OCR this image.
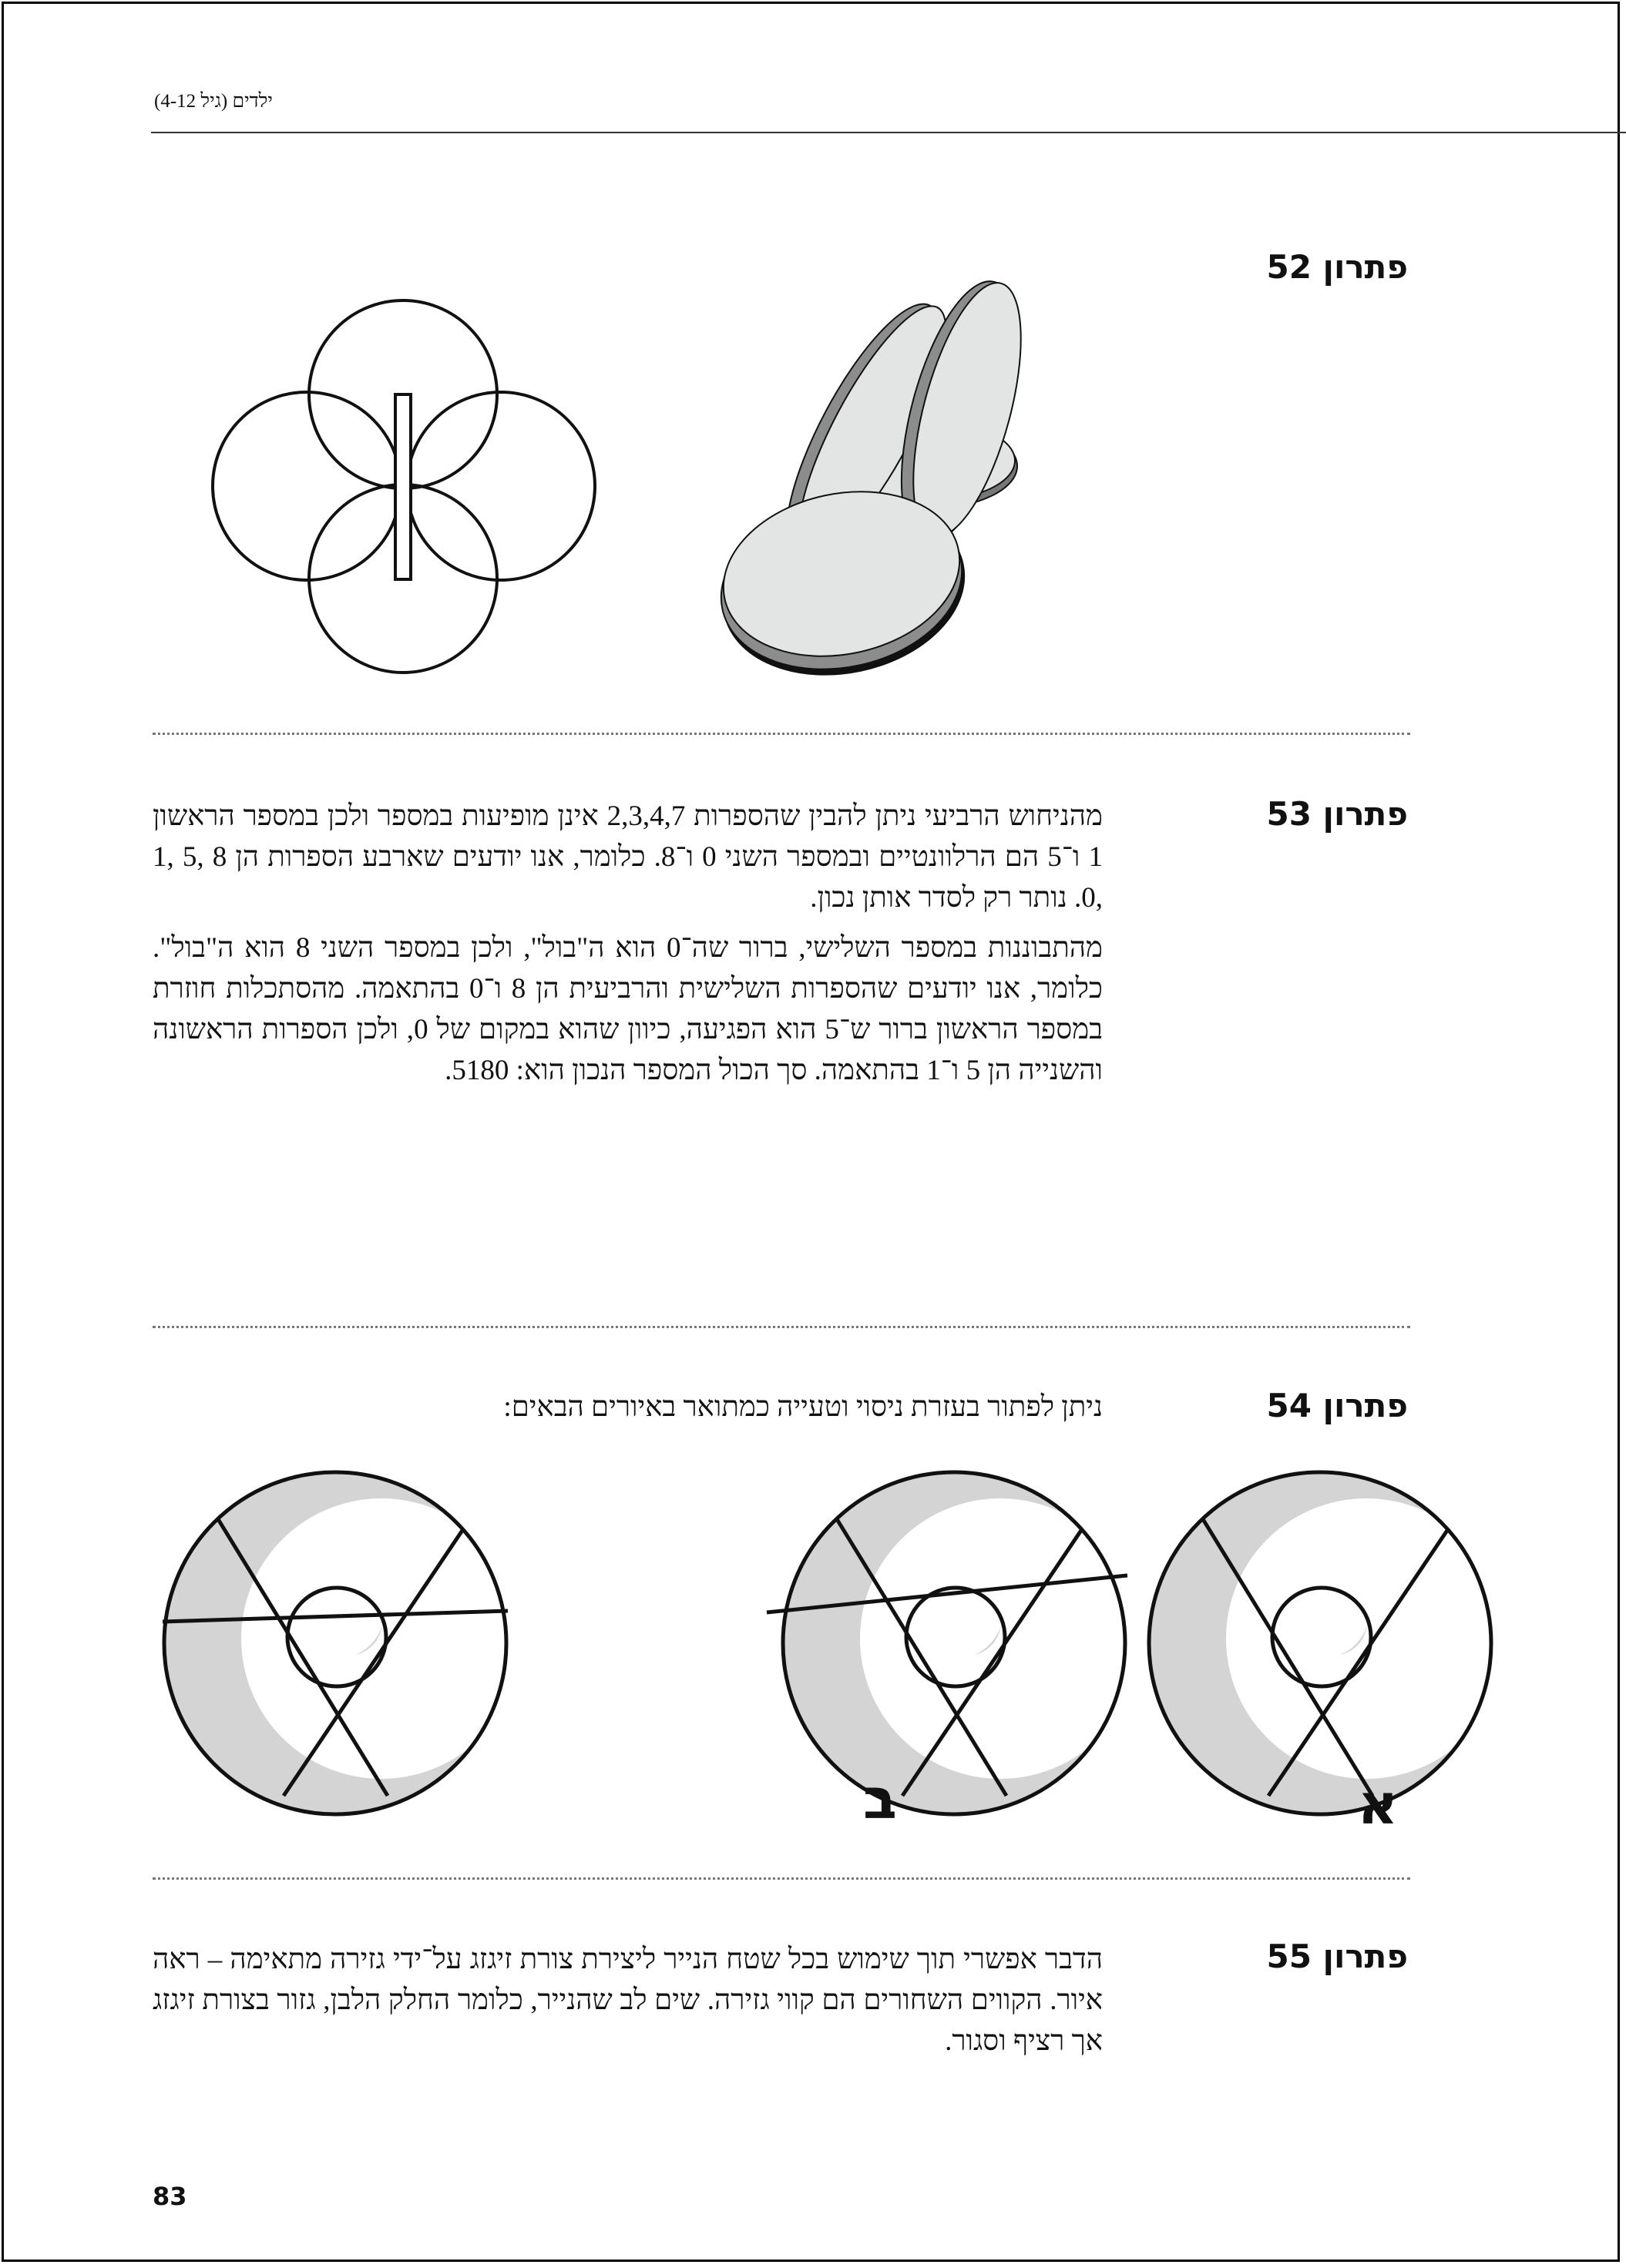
ילדים (גיל 4-12)
פתרון 52
פתרון 53

מהניחוש הרביעי ניתן להבין שהספרות 2,3,4,7 אינן מופיעות במספר ולכן במספר הראשון 1 ו־5 הם הרלוונטיים ובמספר השני 0 ו־8. כלומר, אנו יודעים שארבע הספרות הן 8 ,5 ,1 ,0. נותר רק לסדר אותן נכון.

מהתבוננות במספר השלישי, ברור שה־0 הוא ה"בול", ולכן במספר השני 8 הוא ה"בול". כלומר, אנו יודעים שהספרות השלישית והרביעית הן 8 ו־0 בהתאמה. מהסתכלות חוזרת במספר הראשון ברור ש־5 הוא הפגיעה, כיוון שהוא במקום של 0, ולכן הספרות הראשונה והשנייה הן 5 ו־1 בהתאמה. סך הכול המספר הנכון הוא: 5180.

פתרון 54
ניתן לפתור בעזרת ניסוי וטעייה כמתואר באיורים הבאים:
ב	א
פתרון 55
הדבר אפשרי תוך שימוש בכל שטח הנייר ליצירת צורת זיגזג על־ידי גזירה מתאימה – ראה איור. הקווים השחורים הם קווי גזירה. שים לב שהנייר, כלומר החלק הלבן, גזור בצורת זיגזג אך רציף וסגור.
83
